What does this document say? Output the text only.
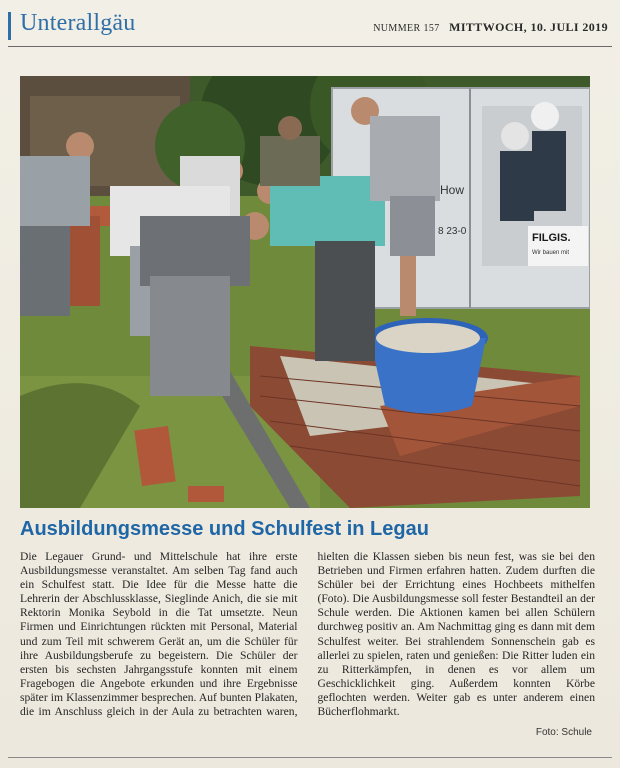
Unterallgäu	NUMMER 157 MITTWOCH, 10. JULI 2019
FILGIS.
Wir bauen mit
How
8 23-0
Ausbildungsmesse und Schulfest in Legau

Die Legauer Grund- und Mittelschule hat ihre erste Ausbildungsmesse veranstaltet. Am selben Tag fand auch ein Schulfest statt. Die Idee für die Messe hatte die Lehrerin der Abschlussklasse, Sieglinde Anich, die sie mit Rektorin Monika Seybold in die Tat umsetzte. Neun Firmen und Einrichtungen rückten mit Personal, Material und zum Teil mit schwerem Gerät an, um die Schüler für ihre Ausbildungsberufe zu begeistern. Die Schüler der ersten bis sechsten Jahrgangsstufe konnten mit einem Fragebogen die Angebote erkunden und ihre Ergebnisse später im Klassenzimmer besprechen. Auf bunten Plakaten, die im Anschluss gleich in der Aula zu betrachten waren, hielten die Klassen sieben bis neun fest, was sie bei den Betrieben und Firmen erfahren hatten. Zudem durften die Schüler bei der Errichtung eines Hochbeets mithelfen (Foto). Die Ausbildungsmesse soll fester Bestandteil an der Schule werden. Die Aktionen kamen bei allen Schülern durchweg positiv an. Am Nachmittag ging es dann mit dem Schulfest weiter. Bei strahlendem Sonnenschein gab es allerlei zu spielen, raten und genießen: Die Ritter luden ein zu Ritterkämpfen, in denen es vor allem um Geschicklichkeit ging. Außerdem konnten Körbe geflochten werden. Weiter gab es unter anderem einen Bücherflohmarkt.

Foto: Schule
